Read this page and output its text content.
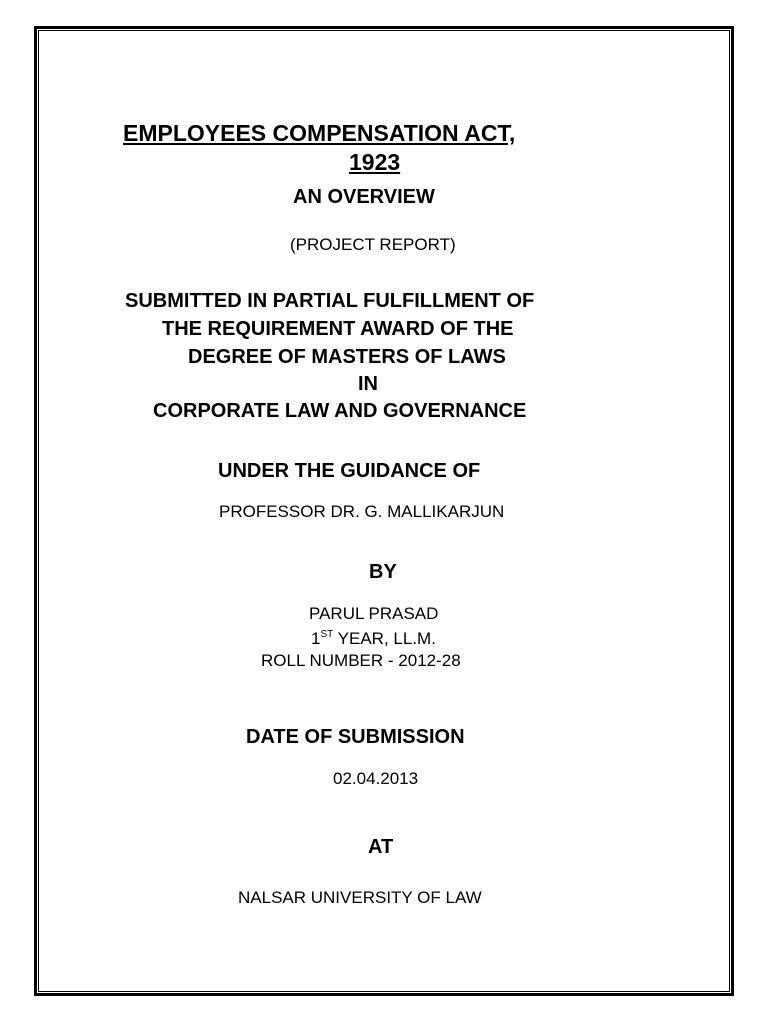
EMPLOYEES COMPENSATION ACT,
1923
AN OVERVIEW
(PROJECT REPORT)
SUBMITTED IN PARTIAL FULFILLMENT OF
THE REQUIREMENT AWARD OF THE
DEGREE OF MASTERS OF LAWS
IN
CORPORATE LAW AND GOVERNANCE
UNDER THE GUIDANCE OF
PROFESSOR DR. G. MALLIKARJUN
BY
PARUL PRASAD
1ST YEAR, LL.M.
ROLL NUMBER - 2012-28
DATE OF SUBMISSION
02.04.2013
AT
NALSAR UNIVERSITY OF LAW
